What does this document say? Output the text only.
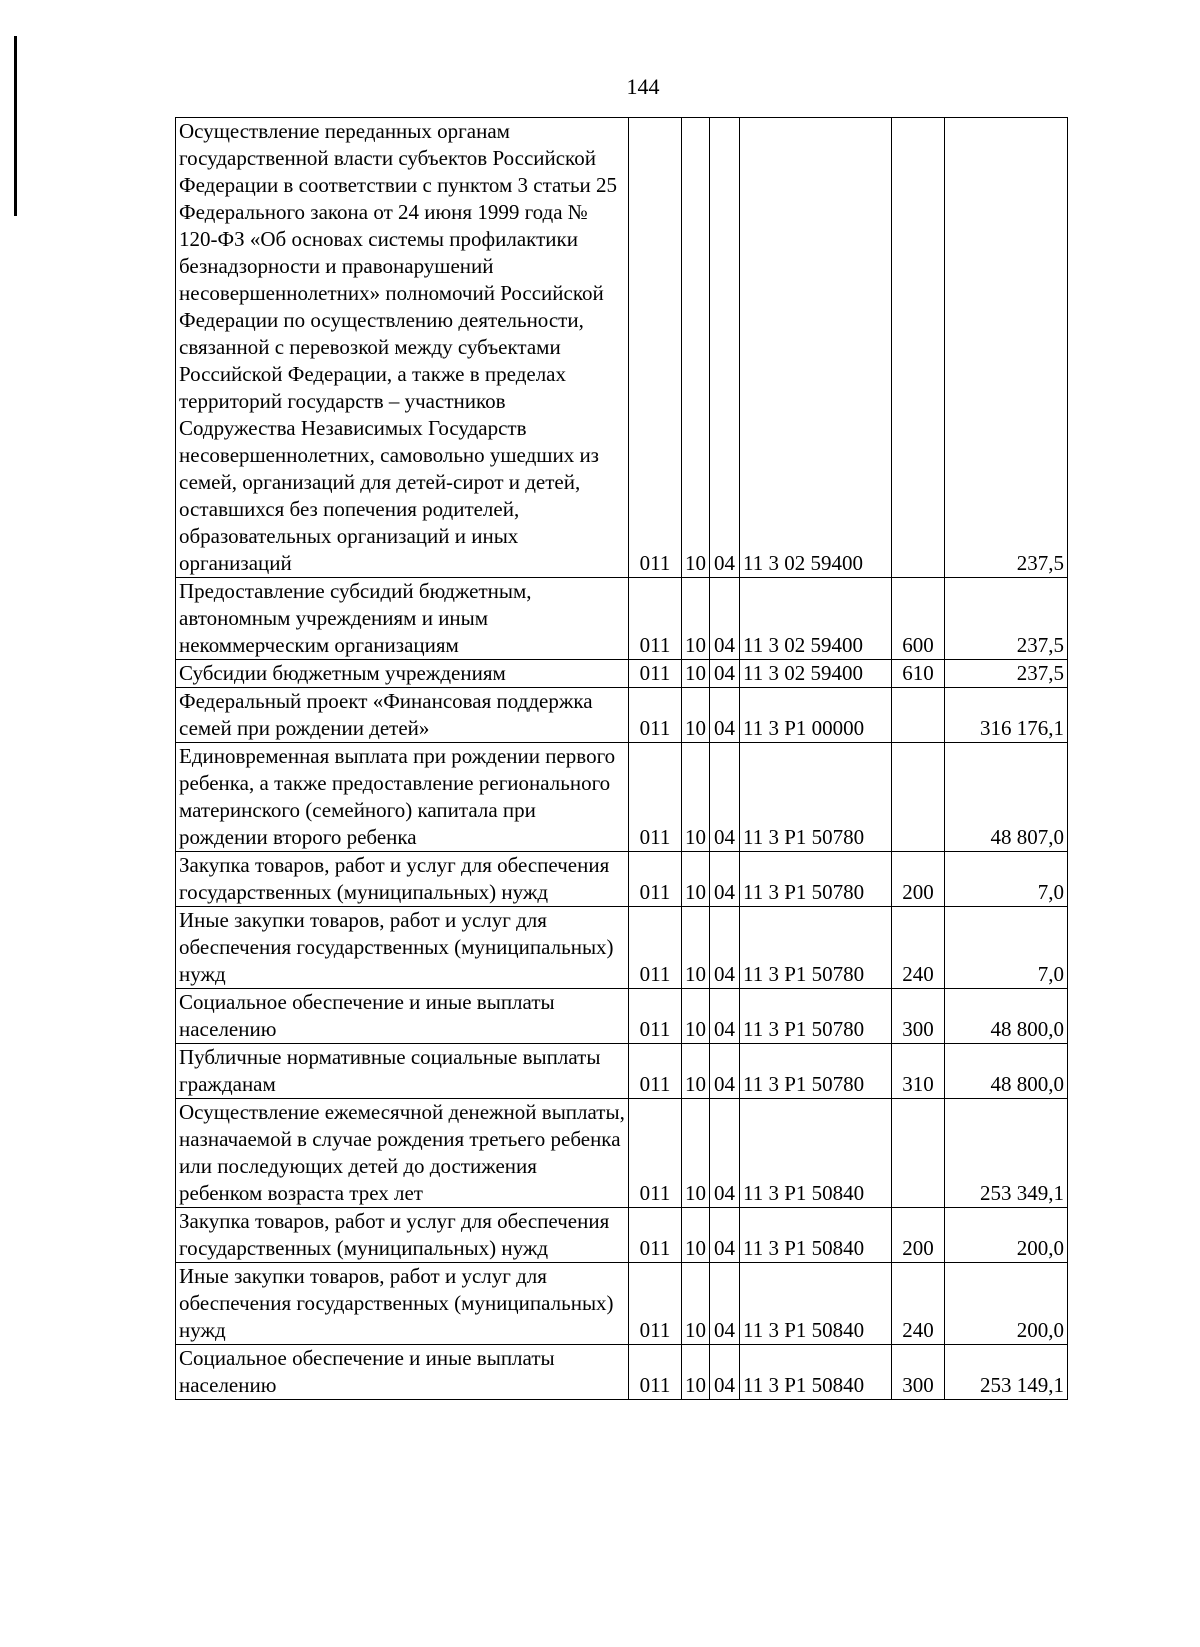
144
Осуществление переданных органам государственной власти субъектов Российской Федерации в соответствии с пунктом 3 статьи 25 Федерального закона от 24 июня 1999 года № 120-ФЗ «Об основах системы профилактики безнадзорности и правонарушений несовершеннолетних» полномочий Российской Федерации по осуществлению деятельности, связанной с перевозкой между субъектами Российской Федерации, а также в пределах территорий государств – участников Содружества Независимых Государств несовершеннолетних, самовольно ушедших из семей, организаций для детей-сирот и детей, оставшихся без попечения родителей, образовательных организаций и иных организаций	011	10	04	11 3 02 59400		237,5
Предоставление субсидий бюджетным, автономным учреждениям и иным некоммерческим организациям	011	10	04	11 3 02 59400	600	237,5
Субсидии бюджетным учреждениям	011	10	04	11 3 02 59400	610	237,5
Федеральный проект «Финансовая поддержка семей при рождении детей»	011	10	04	11 3 P1 00000		316 176,1
Единовременная выплата при рождении первого ребенка, а также предоставление регионального материнского (семейного) капитала при рождении второго ребенка	011	10	04	11 3 P1 50780		48 807,0
Закупка товаров, работ и услуг для обеспечения государственных (муниципальных) нужд	011	10	04	11 3 P1 50780	200	7,0
Иные закупки товаров, работ и услуг для обеспечения государственных (муниципальных) нужд	011	10	04	11 3 P1 50780	240	7,0
Социальное обеспечение и иные выплаты населению	011	10	04	11 3 P1 50780	300	48 800,0
Публичные нормативные социальные выплаты гражданам	011	10	04	11 3 P1 50780	310	48 800,0
Осуществление ежемесячной денежной выплаты, назначаемой в случае рождения третьего ребенка или последующих детей до достижения ребенком возраста трех лет	011	10	04	11 3 P1 50840		253 349,1
Закупка товаров, работ и услуг для обеспечения государственных (муниципальных) нужд	011	10	04	11 3 P1 50840	200	200,0
Иные закупки товаров, работ и услуг для обеспечения государственных (муниципальных) нужд	011	10	04	11 3 P1 50840	240	200,0
Социальное обеспечение и иные выплаты населению	011	10	04	11 3 P1 50840	300	253 149,1
